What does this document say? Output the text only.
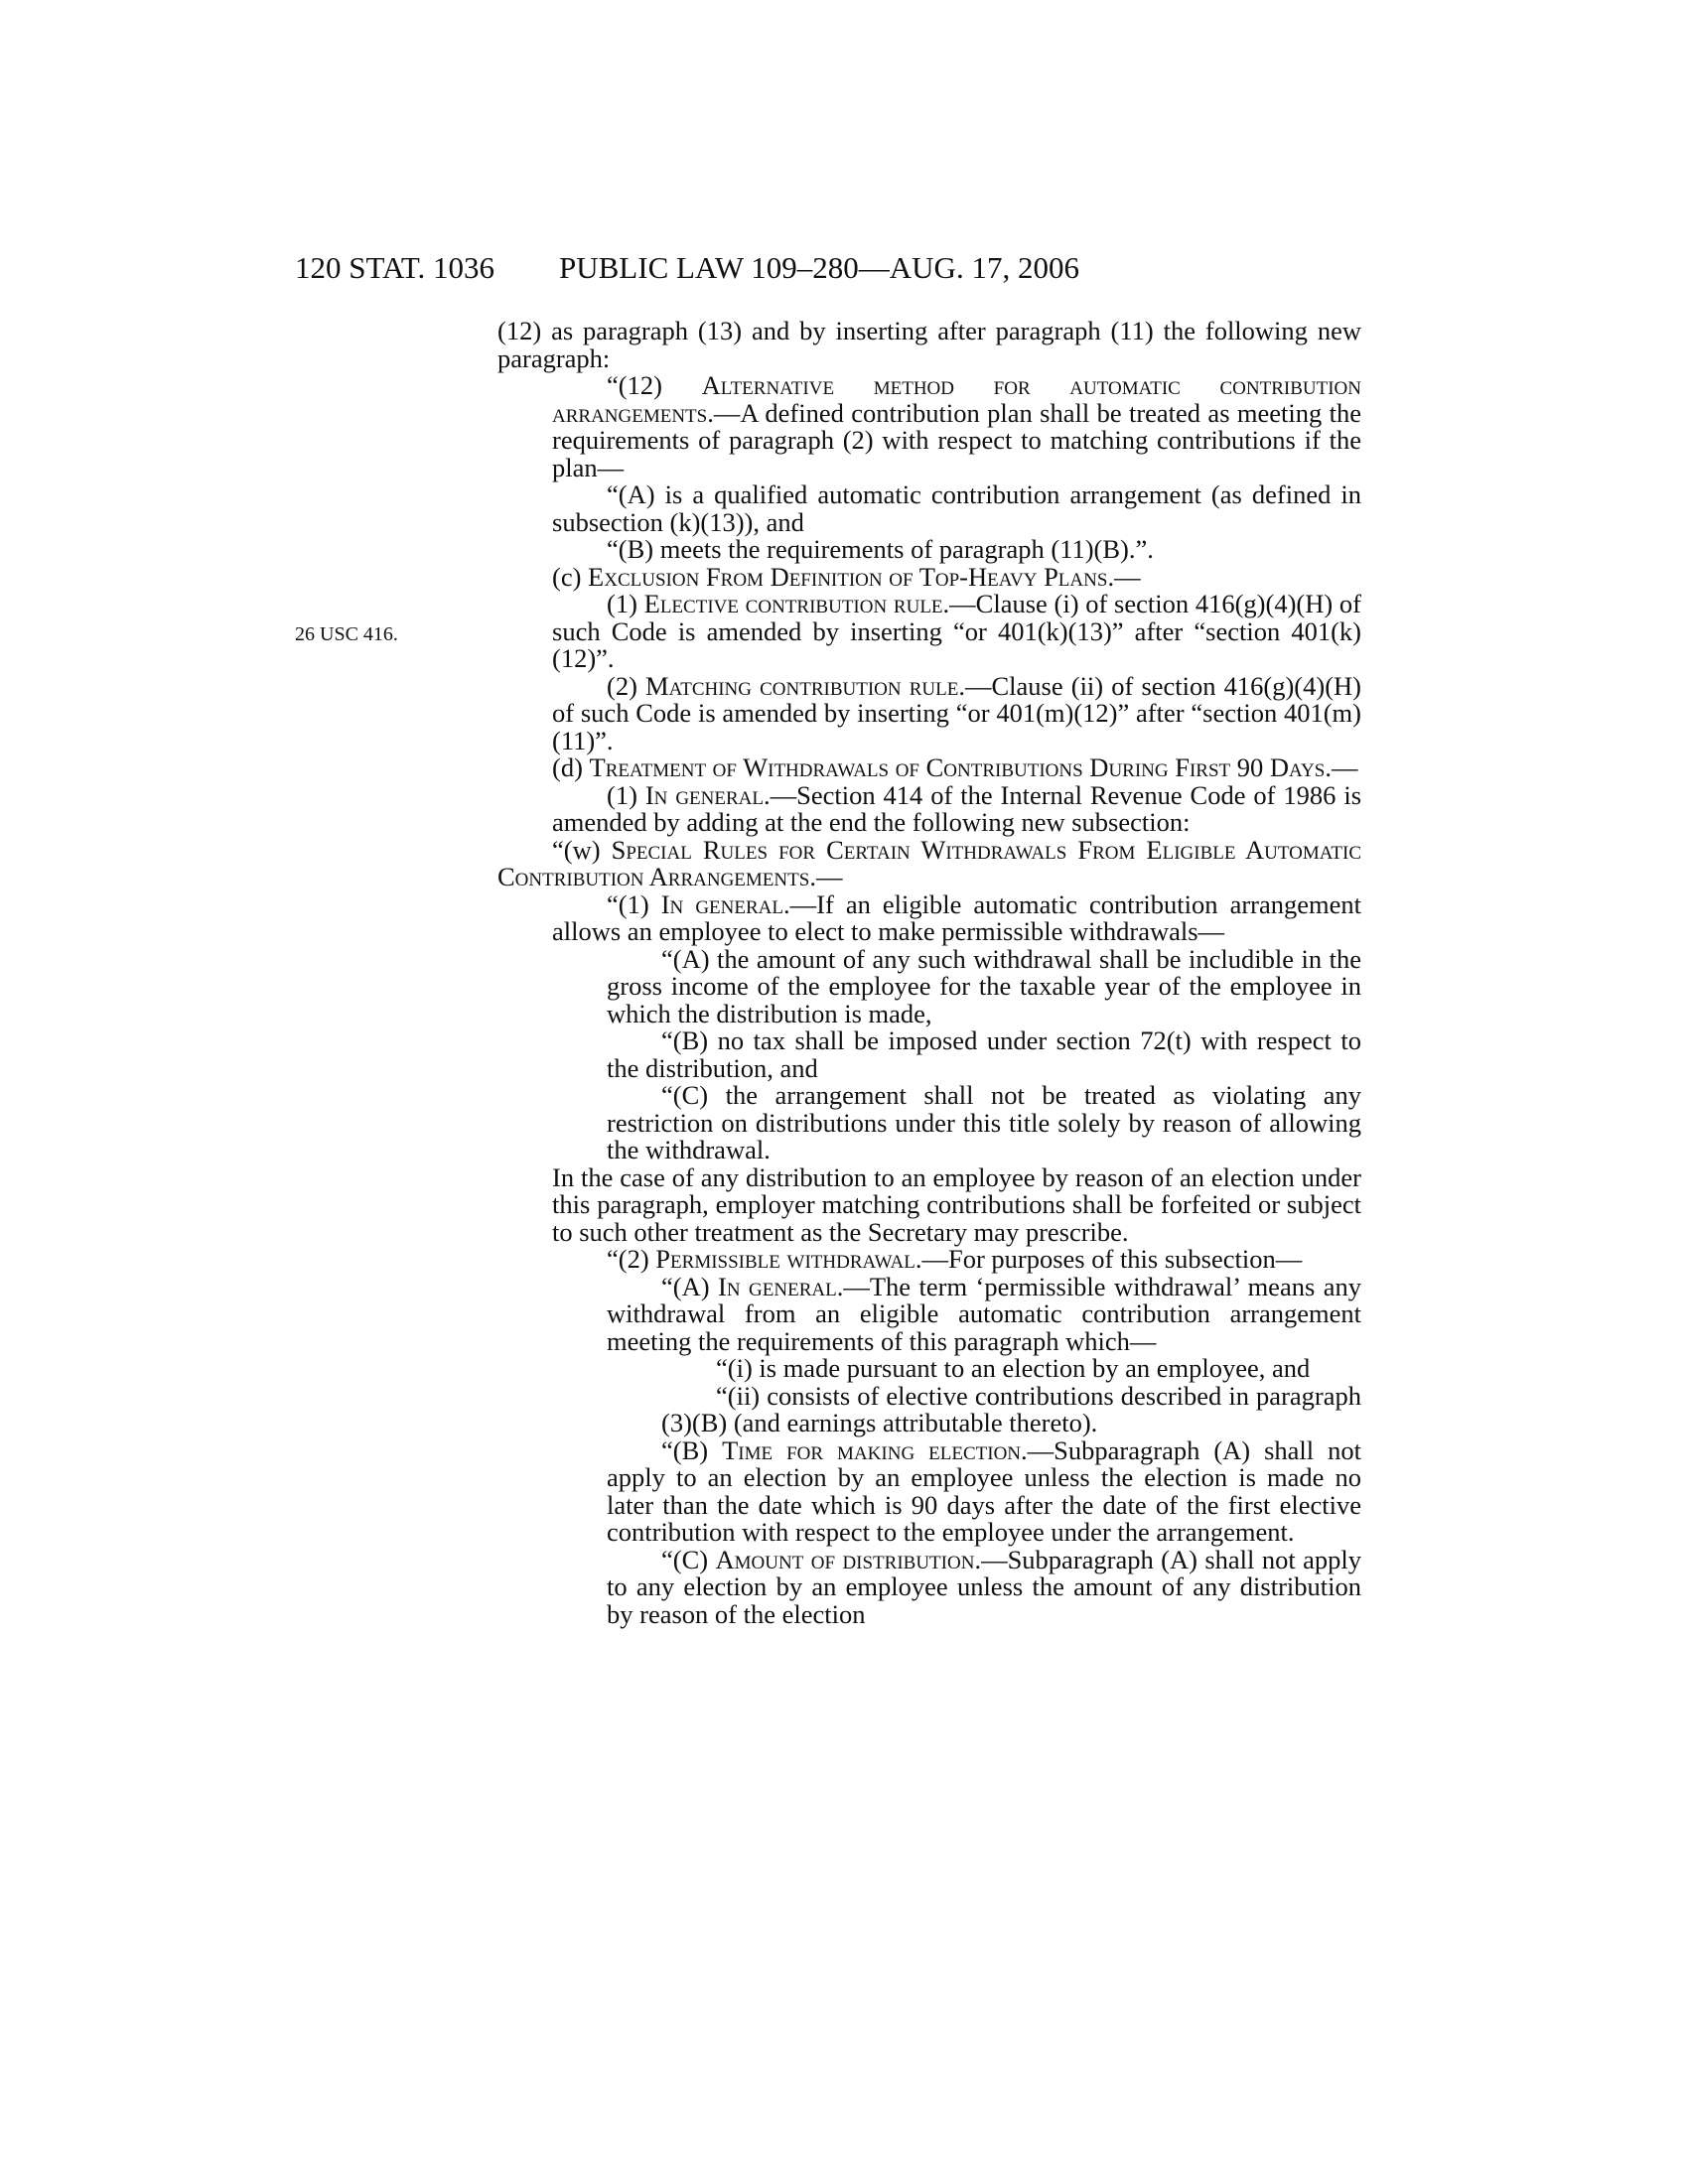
120 STAT. 1036 PUBLIC LAW 109–280—AUG. 17, 2006
26 USC 416.
(12) as paragraph (13) and by inserting after paragraph (11) the following new paragraph:
“(12) Alternative method for automatic contribution arrangements.—A defined contribution plan shall be treated as meeting the requirements of paragraph (2) with respect to matching contributions if the plan—
“(A) is a qualified automatic contribution arrangement (as defined in subsection (k)(13)), and
“(B) meets the requirements of paragraph (11)(B).”.
(c) Exclusion From Definition of Top-Heavy Plans.—
(1) Elective contribution rule.—Clause (i) of section 416(g)(4)(H) of such Code is amended by inserting “or 401(k)(13)” after “section 401(k)(12)”.
(2) Matching contribution rule.—Clause (ii) of section 416(g)(4)(H) of such Code is amended by inserting “or 401(m)(12)” after “section 401(m)(11)”.
(d) Treatment of Withdrawals of Contributions During First 90 Days.—
(1) In general.—Section 414 of the Internal Revenue Code of 1986 is amended by adding at the end the following new subsection:
“(w) Special Rules for Certain Withdrawals From Eligible Automatic Contribution Arrangements.—
“(1) In general.—If an eligible automatic contribution arrangement allows an employee to elect to make permissible withdrawals—
“(A) the amount of any such withdrawal shall be includible in the gross income of the employee for the taxable year of the employee in which the distribution is made,
“(B) no tax shall be imposed under section 72(t) with respect to the distribution, and
“(C) the arrangement shall not be treated as violating any restriction on distributions under this title solely by reason of allowing the withdrawal.
In the case of any distribution to an employee by reason of an election under this paragraph, employer matching contributions shall be forfeited or subject to such other treatment as the Secretary may prescribe.
“(2) Permissible withdrawal.—For purposes of this subsection—
“(A) In general.—The term ‘permissible withdrawal’ means any withdrawal from an eligible automatic contribution arrangement meeting the requirements of this paragraph which—
“(i) is made pursuant to an election by an employee, and
“(ii) consists of elective contributions described in paragraph (3)(B) (and earnings attributable thereto).
“(B) Time for making election.—Subparagraph (A) shall not apply to an election by an employee unless the election is made no later than the date which is 90 days after the date of the first elective contribution with respect to the employee under the arrangement.
“(C) Amount of distribution.—Subparagraph (A) shall not apply to any election by an employee unless the amount of any distribution by reason of the election
